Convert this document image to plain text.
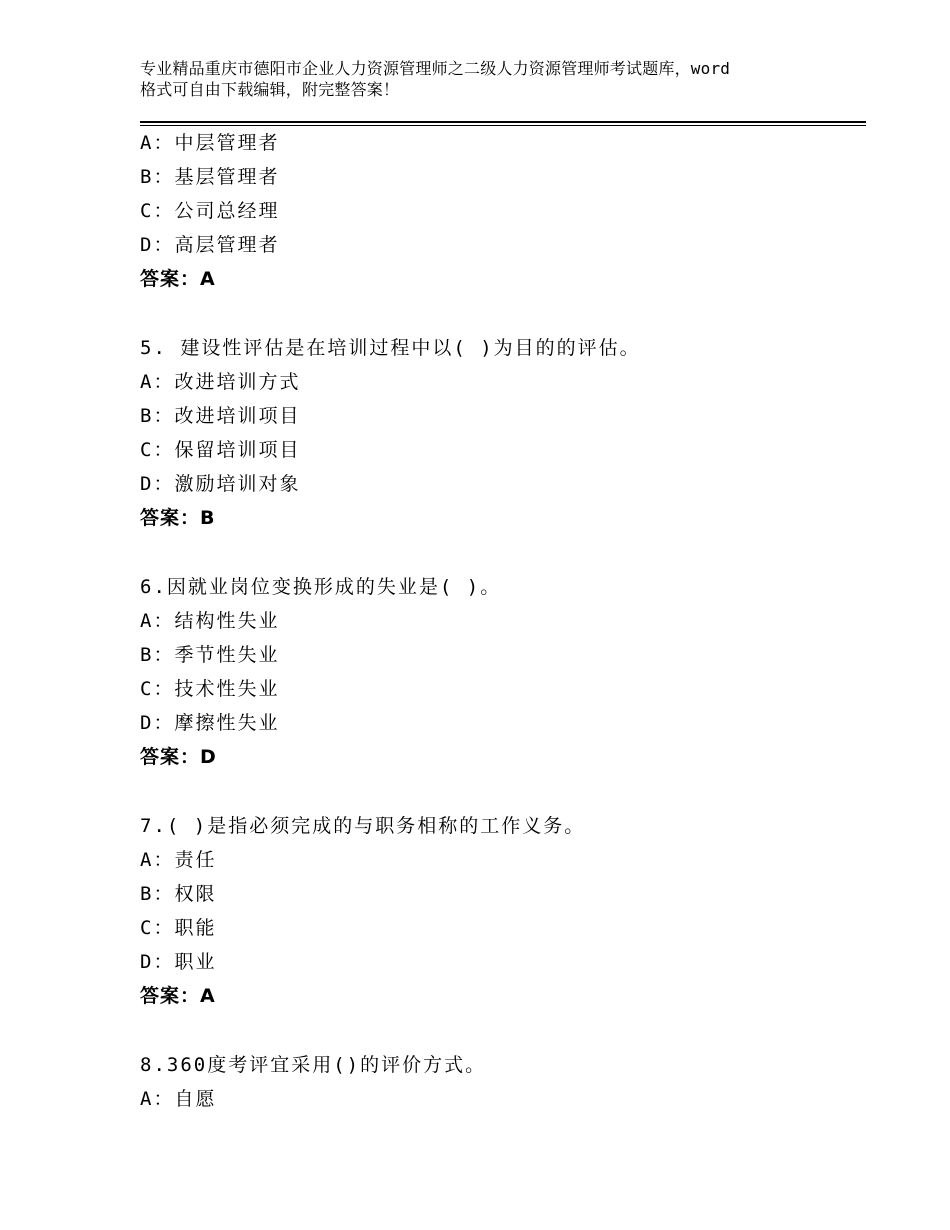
专业精品重庆市德阳市企业人力资源管理师之二级人力资源管理师考试题库，word
格式可自由下载编辑，附完整答案！
A：中层管理者
B：基层管理者
C：公司总经理
D：高层管理者
答案：A
5. 建设性评估是在培训过程中以( )为目的的评估。
A：改进培训方式
B：改进培训项目
C：保留培训项目
D：激励培训对象
答案：B
6.因就业岗位变换形成的失业是( )。
A：结构性失业
B：季节性失业
C：技术性失业
D：摩擦性失业
答案：D
7.( )是指必须完成的与职务相称的工作义务。
A：责任
B：权限
C：职能
D：职业
答案：A
8.360度考评宜采用()的评价方式。
A：自愿
